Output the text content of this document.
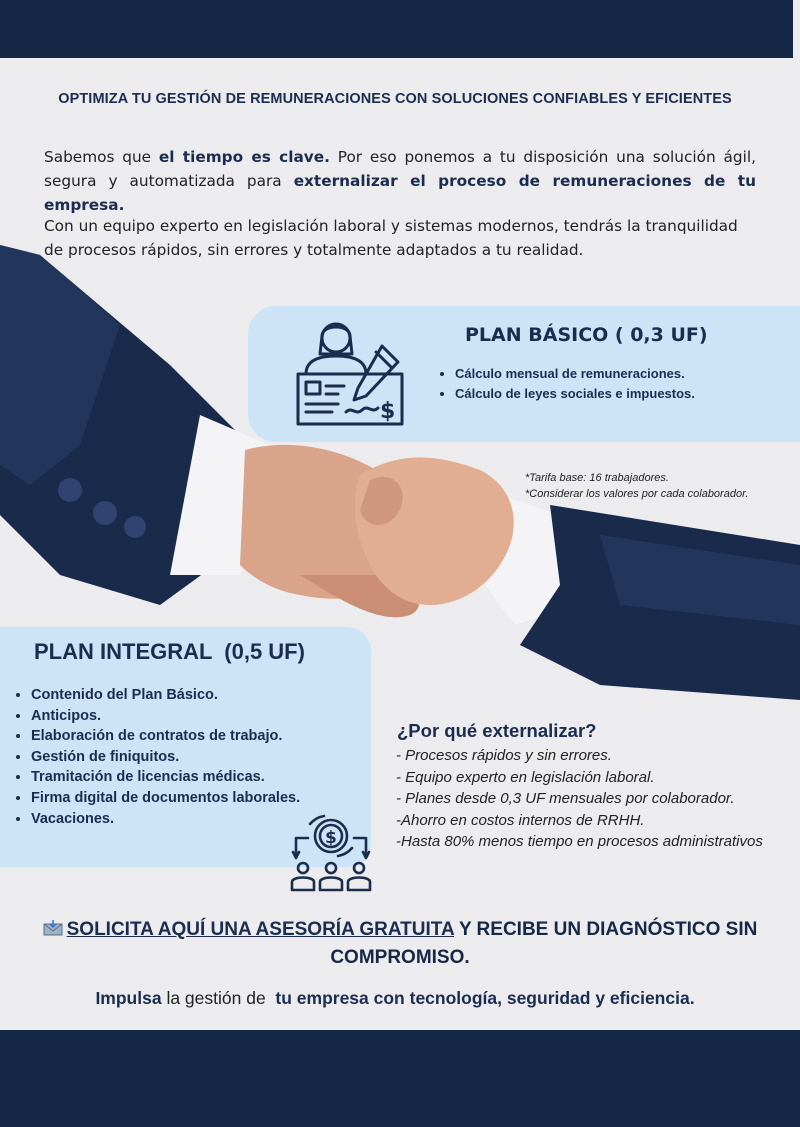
OPTIMIZA TU GESTIÓN DE REMUNERACIONES CON SOLUCIONES CONFIABLES Y EFICIENTES

Sabemos que el tiempo es clave. Por eso ponemos a tu disposición una solución ágil, segura y automatizada para externalizar el proceso de remuneraciones de tu empresa.

Con un equipo experto en legislación laboral y sistemas modernos, tendrás la tranquilidad de procesos rápidos, sin errores y totalmente adaptados a tu realidad.

$
PLAN BÁSICO ( 0,3 UF)
• Cálculo mensual de remuneraciones.
• Cálculo de leyes sociales e impuestos.
*Tarifa base: 16 trabajadores.
*Considerar los valores por cada colaborador.
PLAN INTEGRAL  (0,5 UF)
• Contenido del Plan Básico.
• Anticipos.
• Elaboración de contratos de trabajo.
• Gestión de finiquitos.
• Tramitación de licencias médicas.
• Firma digital de documentos laborales.
• Vacaciones.
$
¿Por qué externalizar?
- Procesos rápidos y sin errores.
- Equipo experto en legislación laboral.
- Planes desde 0,3 UF mensuales por colaborador.
-Ahorro en costos internos de RRHH.
-Hasta 80% menos tiempo en procesos administrativos
SOLICITA AQUÍ UNA ASESORÍA GRATUITA Y RECIBE UN DIAGNÓSTICO SIN COMPROMISO.
Impulsa la gestión de  tu empresa con tecnología, seguridad y eficiencia.
